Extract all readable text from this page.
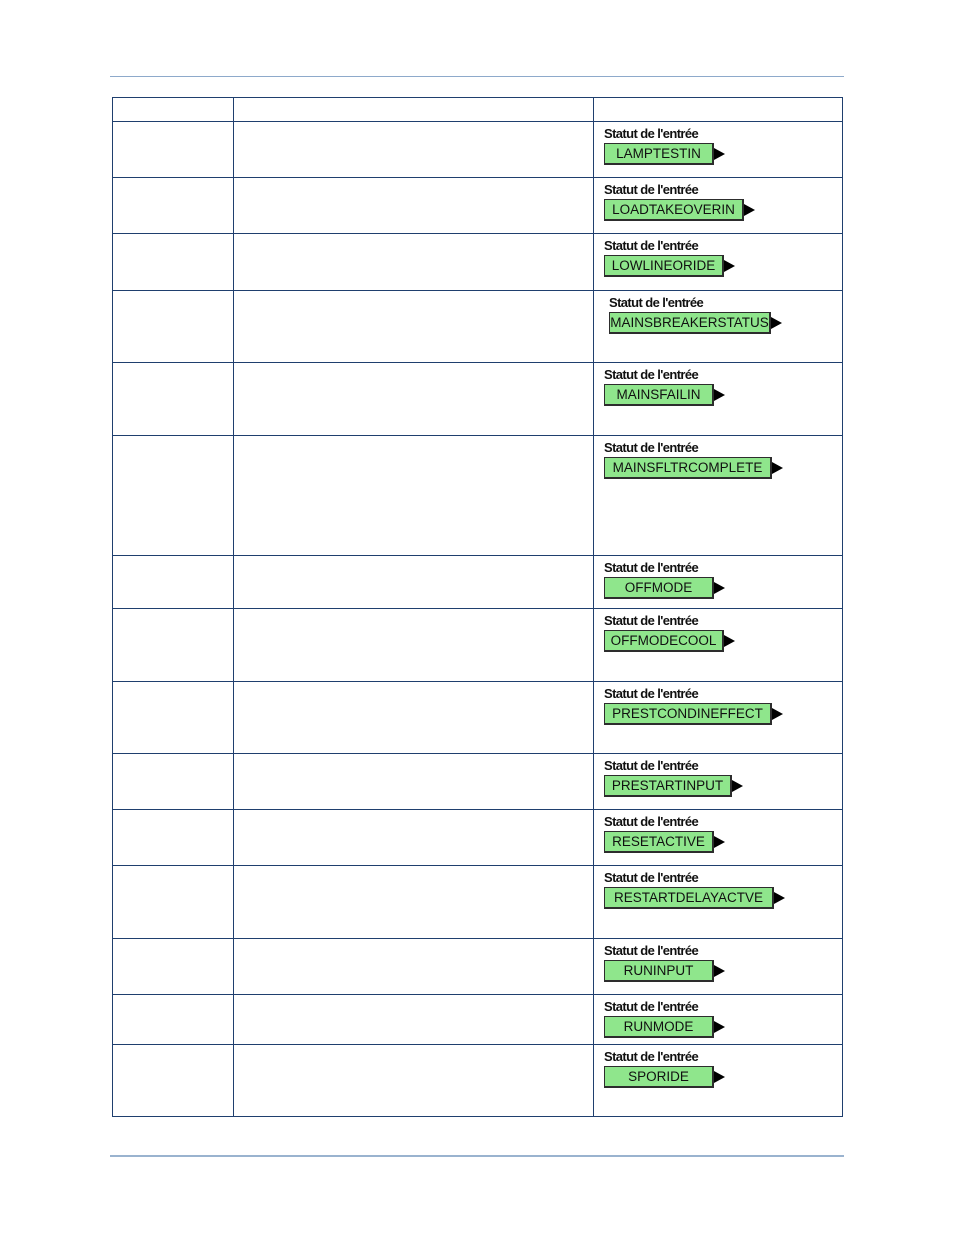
		Statut de l'entrée
LAMPTESTIN

		Statut de l'entrée
LOADTAKEOVERIN

		Statut de l'entrée
LOWLINEORIDE

		Statut de l'entrée
MAINSBREAKERSTATUS

		Statut de l'entrée
MAINSFAILIN

		Statut de l'entrée
MAINSFLTRCOMPLETE

		Statut de l'entrée
OFFMODE

		Statut de l'entrée
OFFMODECOOL

		Statut de l'entrée
PRESTCONDINEFFECT

		Statut de l'entrée
PRESTARTINPUT

		Statut de l'entrée
RESETACTIVE

		Statut de l'entrée
RESTARTDELAYACTVE

		Statut de l'entrée
RUNINPUT

		Statut de l'entrée
RUNMODE

		Statut de l'entrée
SPORIDE
